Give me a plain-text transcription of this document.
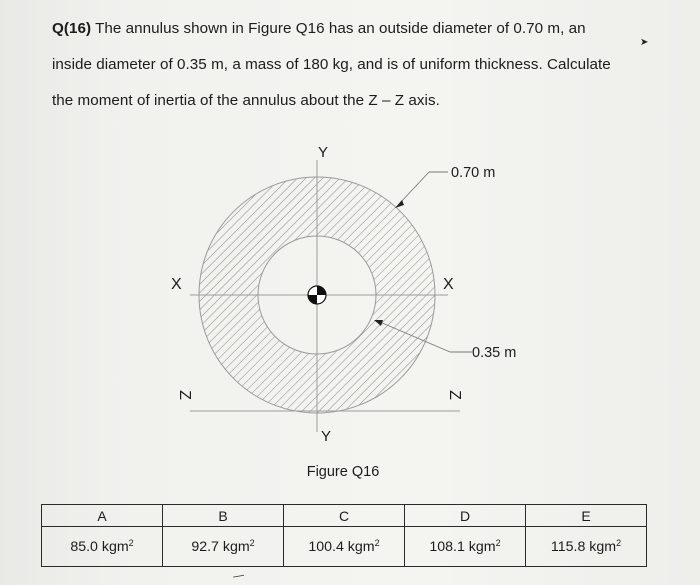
Q(16) The annulus shown in Figure Q16 has an outside diameter of 0.70 m, an
inside diameter of 0.35 m, a mass of 180 kg, and is of uniform thickness. Calculate
the moment of inertia of the annulus about the Z – Z axis.
➤
Y
Y
X	X
Z	Z
0.70 m
0.35 m
Figure Q16
A	B	C	D	E
85.0 kgm$^2$	92.7 kgm$^2$	100.4 kgm$^2$	108.1 kgm$^2$	115.8 kgm$^2$
—
